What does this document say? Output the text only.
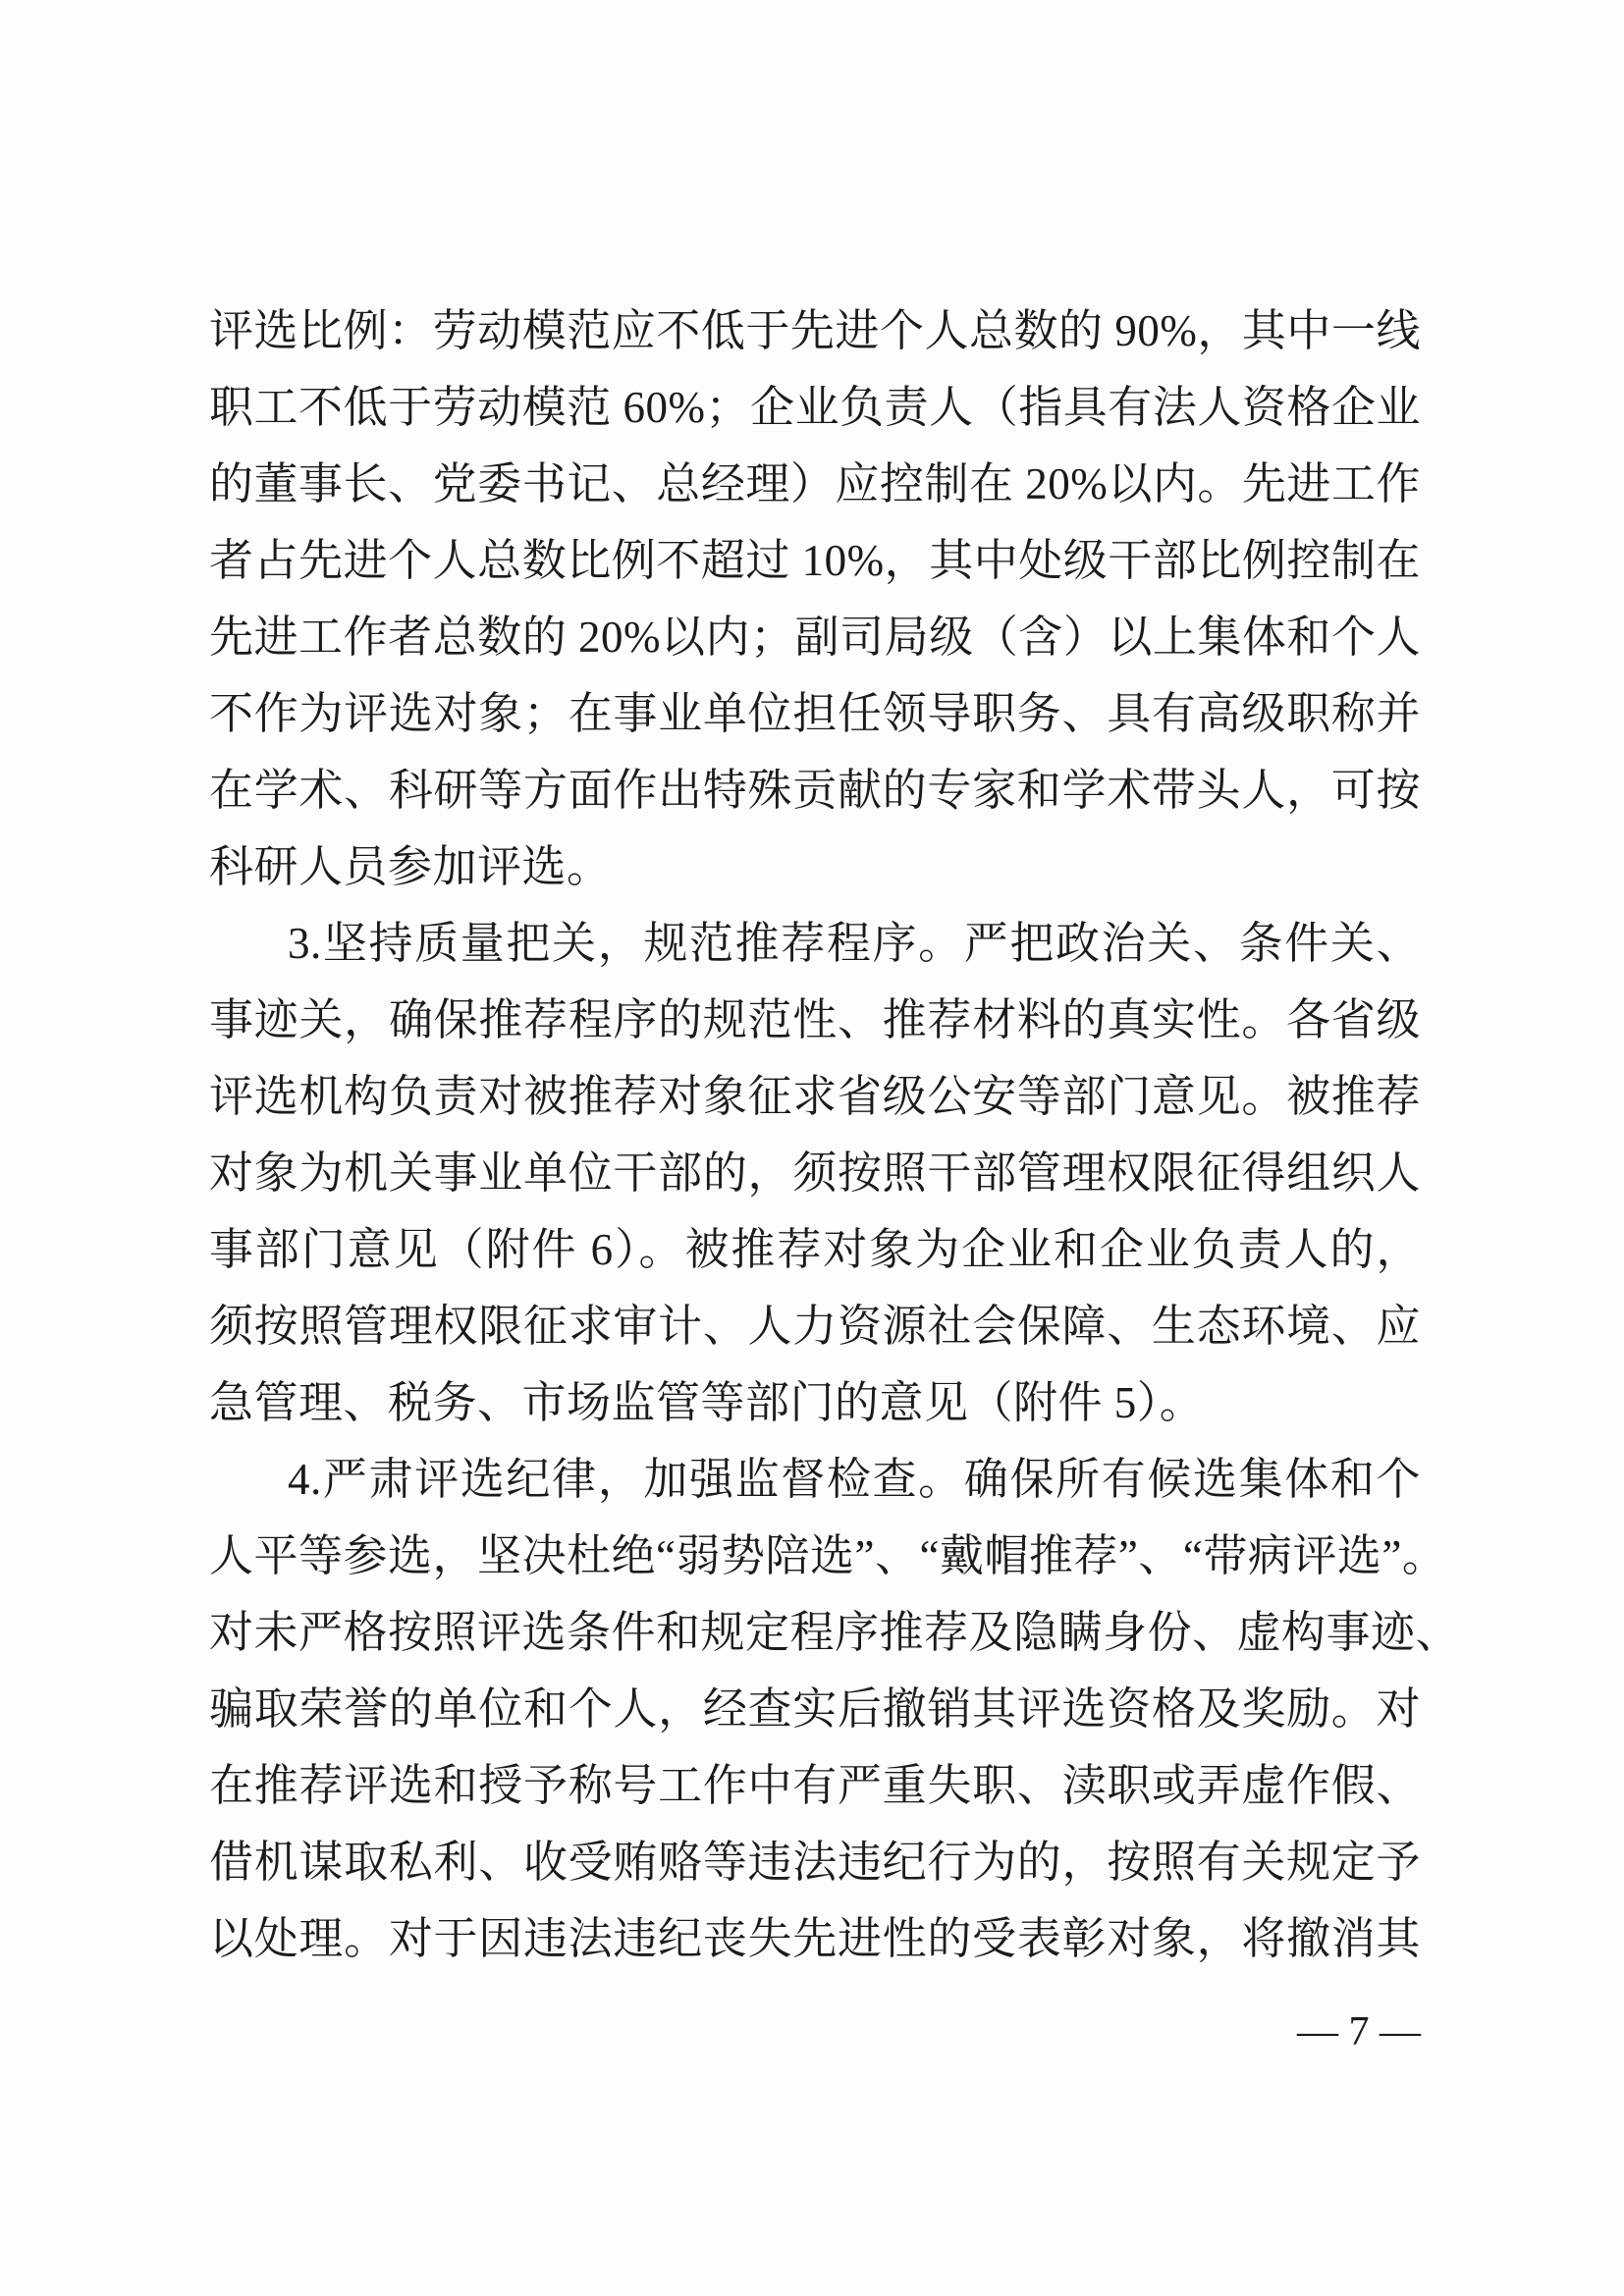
评选比例：劳动模范应不低于先进个人总数的 90%，其中一线
职工不低于劳动模范 60%；企业负责人（指具有法人资格企业
的董事长、党委书记、总经理）应控制在 20%以内。先进工作
者占先进个人总数比例不超过 10%，其中处级干部比例控制在
先进工作者总数的 20%以内；副司局级（含）以上集体和个人
不作为评选对象；在事业单位担任领导职务、具有高级职称并
在学术、科研等方面作出特殊贡献的专家和学术带头人，可按
科研人员参加评选。
3.坚持质量把关，规范推荐程序。严把政治关、条件关、
事迹关，确保推荐程序的规范性、推荐材料的真实性。各省级
评选机构负责对被推荐对象征求省级公安等部门意见。被推荐
对象为机关事业单位干部的，须按照干部管理权限征得组织人
事部门意见（附件 6）。被推荐对象为企业和企业负责人的，
须按照管理权限征求审计、人力资源社会保障、生态环境、应
急管理、税务、市场监管等部门的意见（附件 5）。
4.严肃评选纪律，加强监督检查。确保所有候选集体和个
人平等参选，坚决杜绝“弱势陪选”、“戴帽推荐”、“带病评选”。
对未严格按照评选条件和规定程序推荐及隐瞒身份、虚构事迹、
骗取荣誉的单位和个人，经查实后撤销其评选资格及奖励。对
在推荐评选和授予称号工作中有严重失职、渎职或弄虚作假、
借机谋取私利、收受贿赂等违法违纪行为的，按照有关规定予
以处理。对于因违法违纪丧失先进性的受表彰对象，将撤消其
— 7 —
